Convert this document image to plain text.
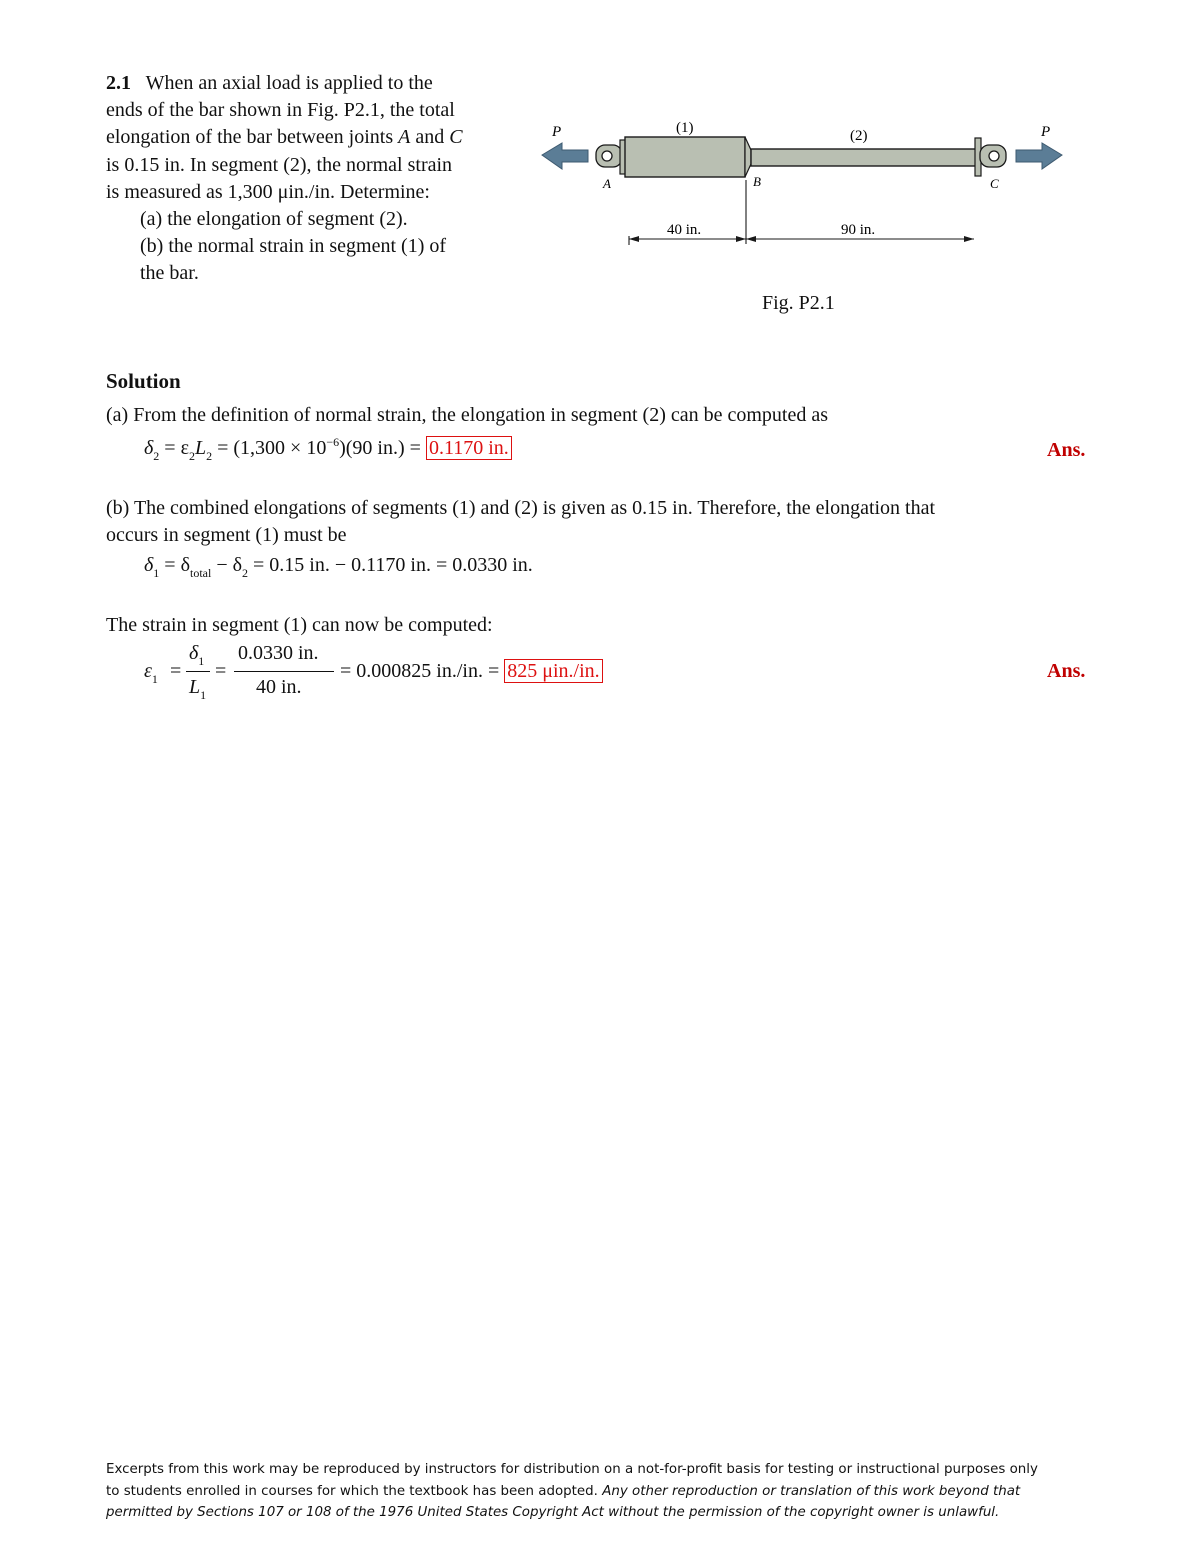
2.1 When an axial load is applied to the
ends of the bar shown in Fig. P2.1, the total
elongation of the bar between joints A and C
is 0.15 in. In segment (2), the normal strain
is measured as 1,300 μin./in. Determine:
(a) the elongation of segment (2).
(b) the normal strain in segment (1) of
the bar.
P	P
(1)	(2)
A	B	C
40 in.	90 in.
Fig. P2.1
Solution
(a) From the definition of normal strain, the elongation in segment (2) can be computed as
$\delta_2 = \varepsilon_2L_2 = (1,300 \times 10^{-6})(90$ in.) = 0.1170 in.	Ans.
(b) The combined elongations of segments (1) and (2) is given as 0.15 in. Therefore, the elongation that
occurs in segment (1) must be
$\delta_1 = \delta_{total} - \delta_2 = 0.15$ in. − 0.1170 in. = 0.0330 in.
The strain in segment (1) can now be computed:
$\varepsilon_1$ =
$\delta_1$
$L_1$
=
0.0330 in.
40 in.
= 0.000825 in./in. = 825 μin./in.	Ans.
Excerpts from this work may be reproduced by instructors for distribution on a not-for-profit basis for testing or instructional purposes only
to students enrolled in courses for which the textbook has been adopted. Any other reproduction or translation of this work beyond that
permitted by Sections 107 or 108 of the 1976 United States Copyright Act without the permission of the copyright owner is unlawful.
